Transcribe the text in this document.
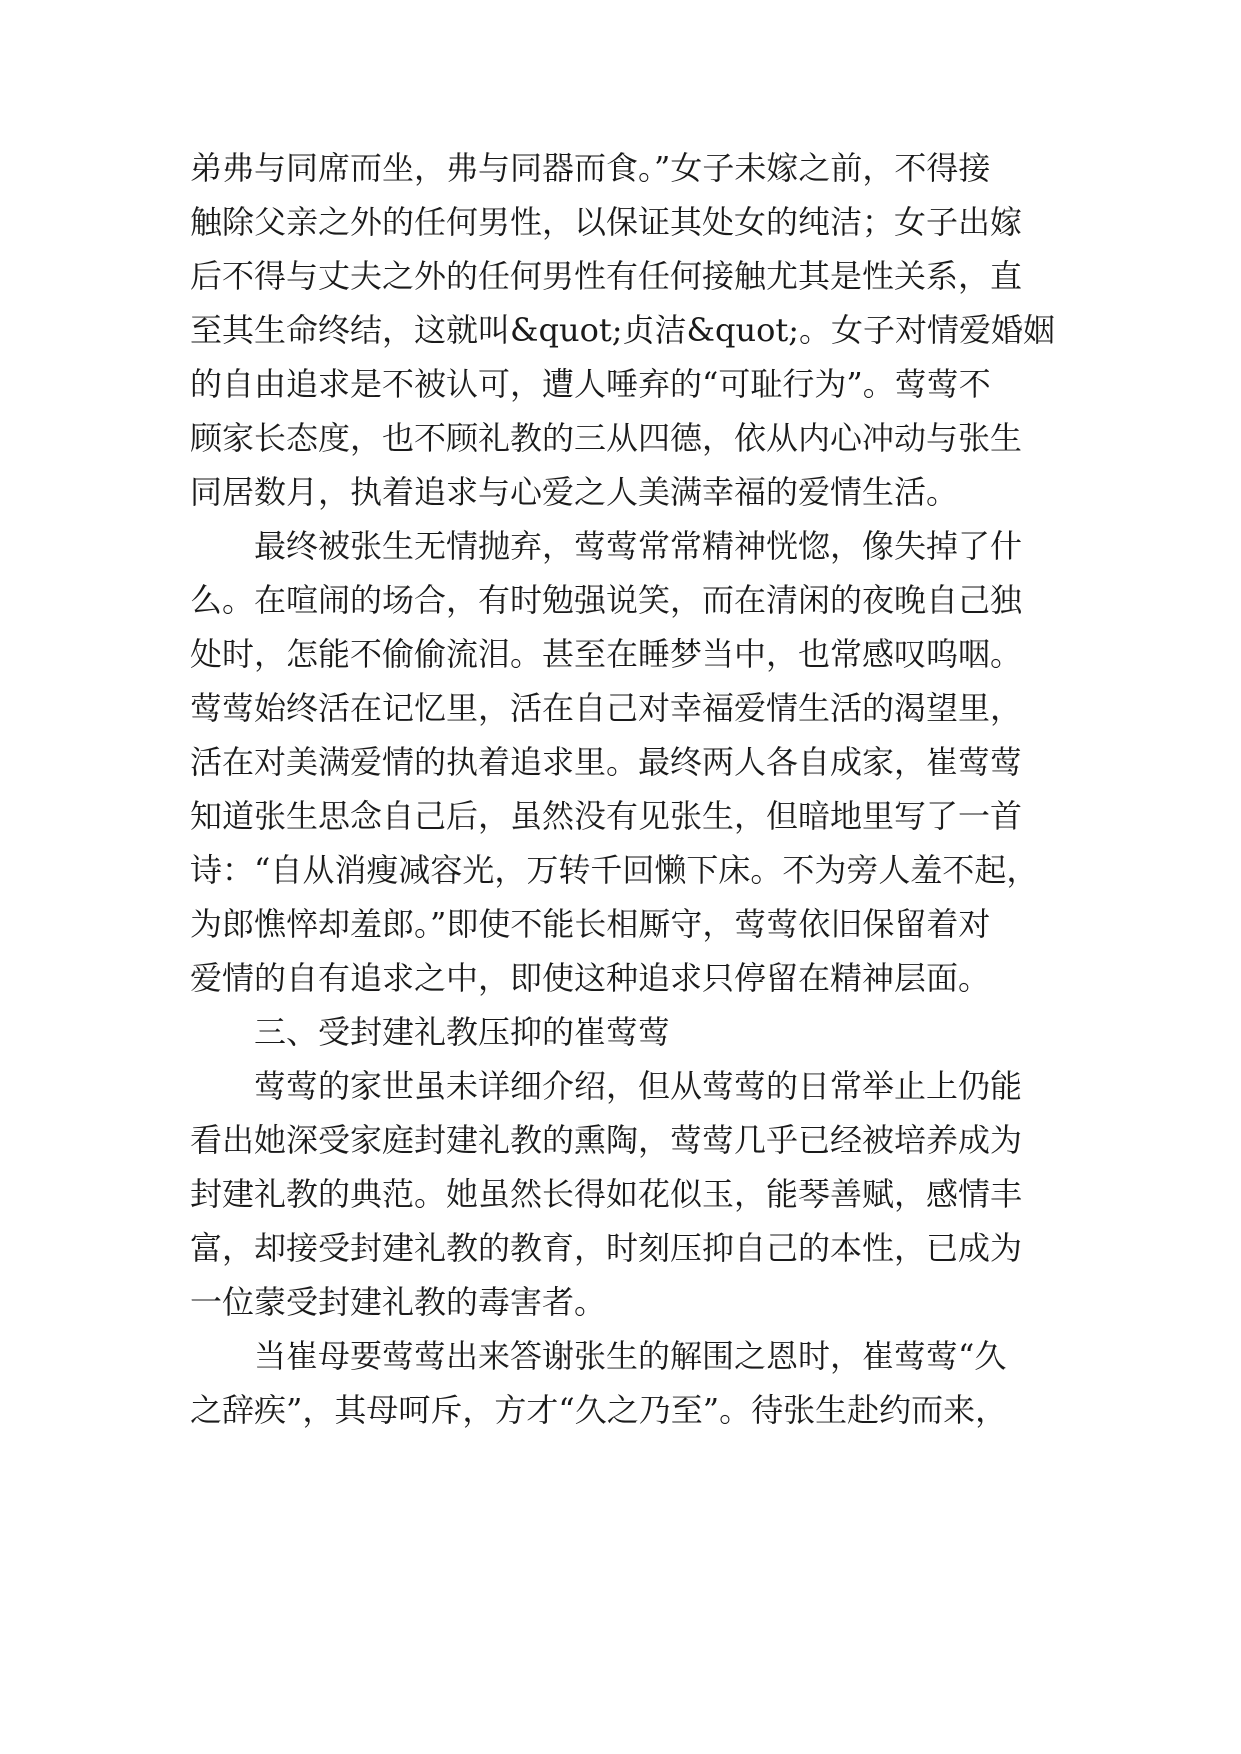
弟弗与同席而坐，弗与同器而食。”女子未嫁之前，不得接
触除父亲之外的任何男性，以保证其处女的纯洁；女子出嫁
后不得与丈夫之外的任何男性有任何接触尤其是性关系，直
至其生命终结，这就叫&quot;贞洁&quot;。女子对情爱婚姻
的自由追求是不被认可，遭人唾弃的“可耻行为”。莺莺不
顾家长态度，也不顾礼教的三从四德，依从内心冲动与张生
同居数月，执着追求与心爱之人美满幸福的爱情生活。
　　最终被张生无情抛弃，莺莺常常精神恍惚，像失掉了什
么。在喧闹的场合，有时勉强说笑，而在清闲的夜晚自己独
处时，怎能不偷偷流泪。甚至在睡梦当中，也常感叹呜咽。
莺莺始终活在记忆里，活在自己对幸福爱情生活的渴望里，
活在对美满爱情的执着追求里。最终两人各自成家，崔莺莺
知道张生思念自己后，虽然没有见张生，但暗地里写了一首
诗：“自从消瘦减容光，万转千回懒下床。不为旁人羞不起，
为郎憔悴却羞郎。”即使不能长相厮守，莺莺依旧保留着对
爱情的自有追求之中，即使这种追求只停留在精神层面。
　　三、受封建礼教压抑的崔莺莺
　　莺莺的家世虽未详细介绍，但从莺莺的日常举止上仍能
看出她深受家庭封建礼教的熏陶，莺莺几乎已经被培养成为
封建礼教的典范。她虽然长得如花似玉，能琴善赋，感情丰
富，却接受封建礼教的教育，时刻压抑自己的本性，已成为
一位蒙受封建礼教的毒害者。
　　当崔母要莺莺出来答谢张生的解围之恩时，崔莺莺“久
之辞疾”，其母呵斥，方才“久之乃至”。待张生赴约而来，
